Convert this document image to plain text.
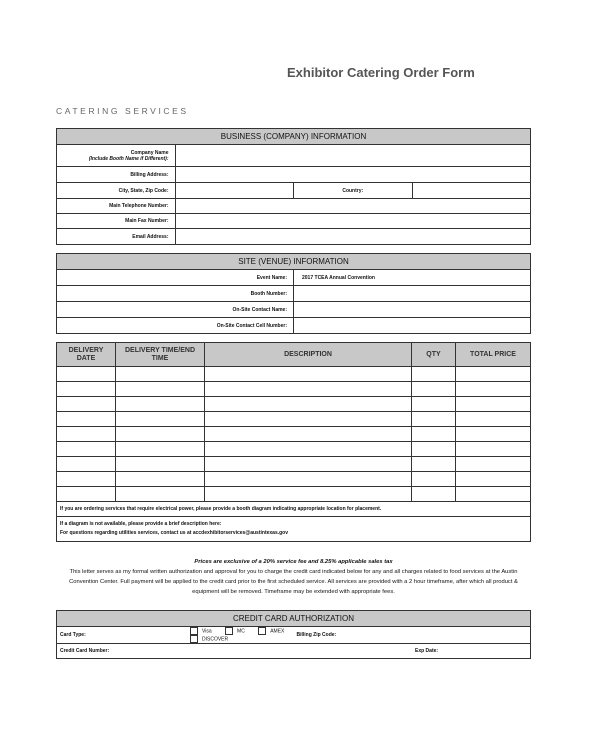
Exhibitor Catering Order Form
CATERING SERVICES
BUSINESS (COMPANY) INFORMATION			
Company Name
(Include Booth Name if Different):			
Billing Address:			
City, State, Zip Code:		Country:	
Main Telephone Number:			
Main Fax Number:			
Email Address:			
SITE (VENUE) INFORMATION	
Event Name:	2017 TCEA Annual Convention
Booth Number:	
On-Site Contact Name:	
On-Site Contact Cell Number:	
DELIVERY DATE	DELIVERY TIME/END TIME	DESCRIPTION	QTY	TOTAL PRICE

If you are ordering services that require electrical power, please provide a booth diagram indicating appropriate location for placement.				
If a diagram is not available, please provide a brief description here:
For questions regarding utilities services, contact us at accdexhibitorservices@austintexas.gov				
Prices are exclusive of a 20% service fee and 8.25% applicable sales tax
This letter serves as my formal written authorization and approval for you to charge the credit card indicated below for any and all charges related to food services at the Austin Convention Center. Full payment will be applied to the credit card prior to the first scheduled service. All services are provided with a 2 hour timeframe, after which all product & equipment will be removed. Timeframe may be extended with appropriate fees.
CREDIT CARD AUTHORIZATION			
Card Type:	Visa MC AMEX DISCOVER	Billing Zip Code:	
Credit Card Number:			Exp Date:
